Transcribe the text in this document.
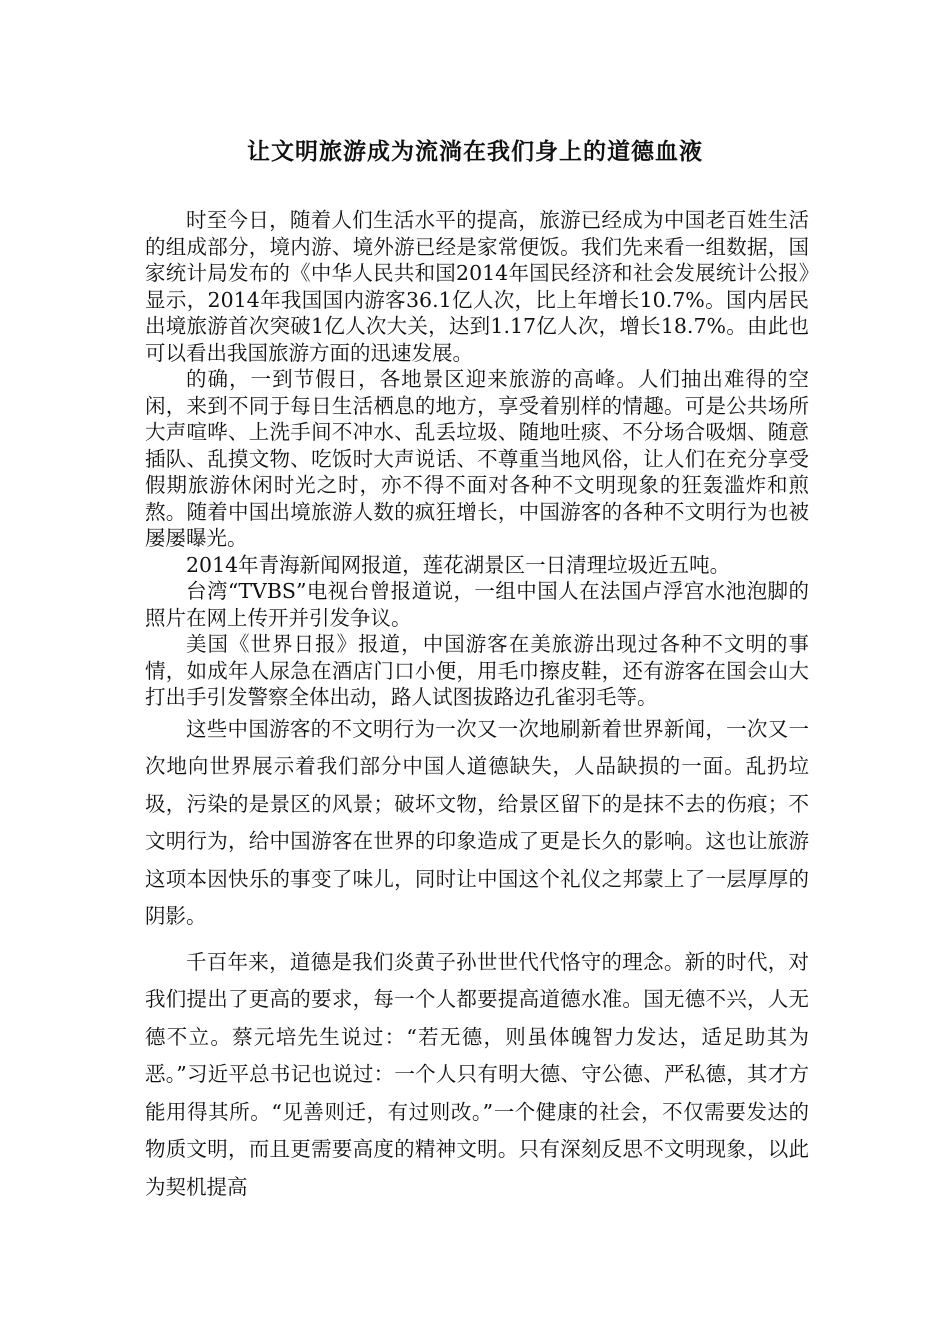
让文明旅游成为流淌在我们身上的道德血液

时至今日，随着人们生活水平的提高，旅游已经成为中国老百姓生活的组成部分，境内游、境外游已经是家常便饭。我们先来看一组数据，国家统计局发布的《中华人民共和国2014年国民经济和社会发展统计公报》显示，2014年我国国内游客36.1亿人次，比上年增长10.7%。国内居民出境旅游首次突破1亿人次大关，达到1.17亿人次，增长18.7%。由此也可以看出我国旅游方面的迅速发展。

的确，一到节假日，各地景区迎来旅游的高峰。人们抽出难得的空闲，来到不同于每日生活栖息的地方，享受着别样的情趣。可是公共场所大声喧哗、上洗手间不冲水、乱丢垃圾、随地吐痰、不分场合吸烟、随意插队、乱摸文物、吃饭时大声说话、不尊重当地风俗，让人们在充分享受假期旅游休闲时光之时，亦不得不面对各种不文明现象的狂轰滥炸和煎熬。随着中国出境旅游人数的疯狂增长，中国游客的各种不文明行为也被屡屡曝光。

2014年青海新闻网报道，莲花湖景区一日清理垃圾近五吨。

台湾“TVBS”电视台曾报道说，一组中国人在法国卢浮宫水池泡脚的照片在网上传开并引发争议。

美国《世界日报》报道，中国游客在美旅游出现过各种不文明的事情，如成年人尿急在酒店门口小便，用毛巾擦皮鞋，还有游客在国会山大打出手引发警察全体出动，路人试图拔路边孔雀羽毛等。

这些中国游客的不文明行为一次又一次地刷新着世界新闻，一次又一次地向世界展示着我们部分中国人道德缺失，人品缺损的一面。乱扔垃圾，污染的是景区的风景；破坏文物，给景区留下的是抹不去的伤痕；不文明行为，给中国游客在世界的印象造成了更是长久的影响。这也让旅游这项本因快乐的事变了味儿，同时让中国这个礼仪之邦蒙上了一层厚厚的阴影。

千百年来，道德是我们炎黄子孙世世代代恪守的理念。新的时代，对我们提出了更高的要求，每一个人都要提高道德水准。国无德不兴，人无德不立。蔡元培先生说过：“若无德，则虽体魄智力发达，适足助其为恶。”习近平总书记也说过：一个人只有明大德、守公德、严私德，其才方能用得其所。“见善则迁，有过则改。”一个健康的社会，不仅需要发达的物质文明，而且更需要高度的精神文明。只有深刻反思不文明现象，以此为契机提高
